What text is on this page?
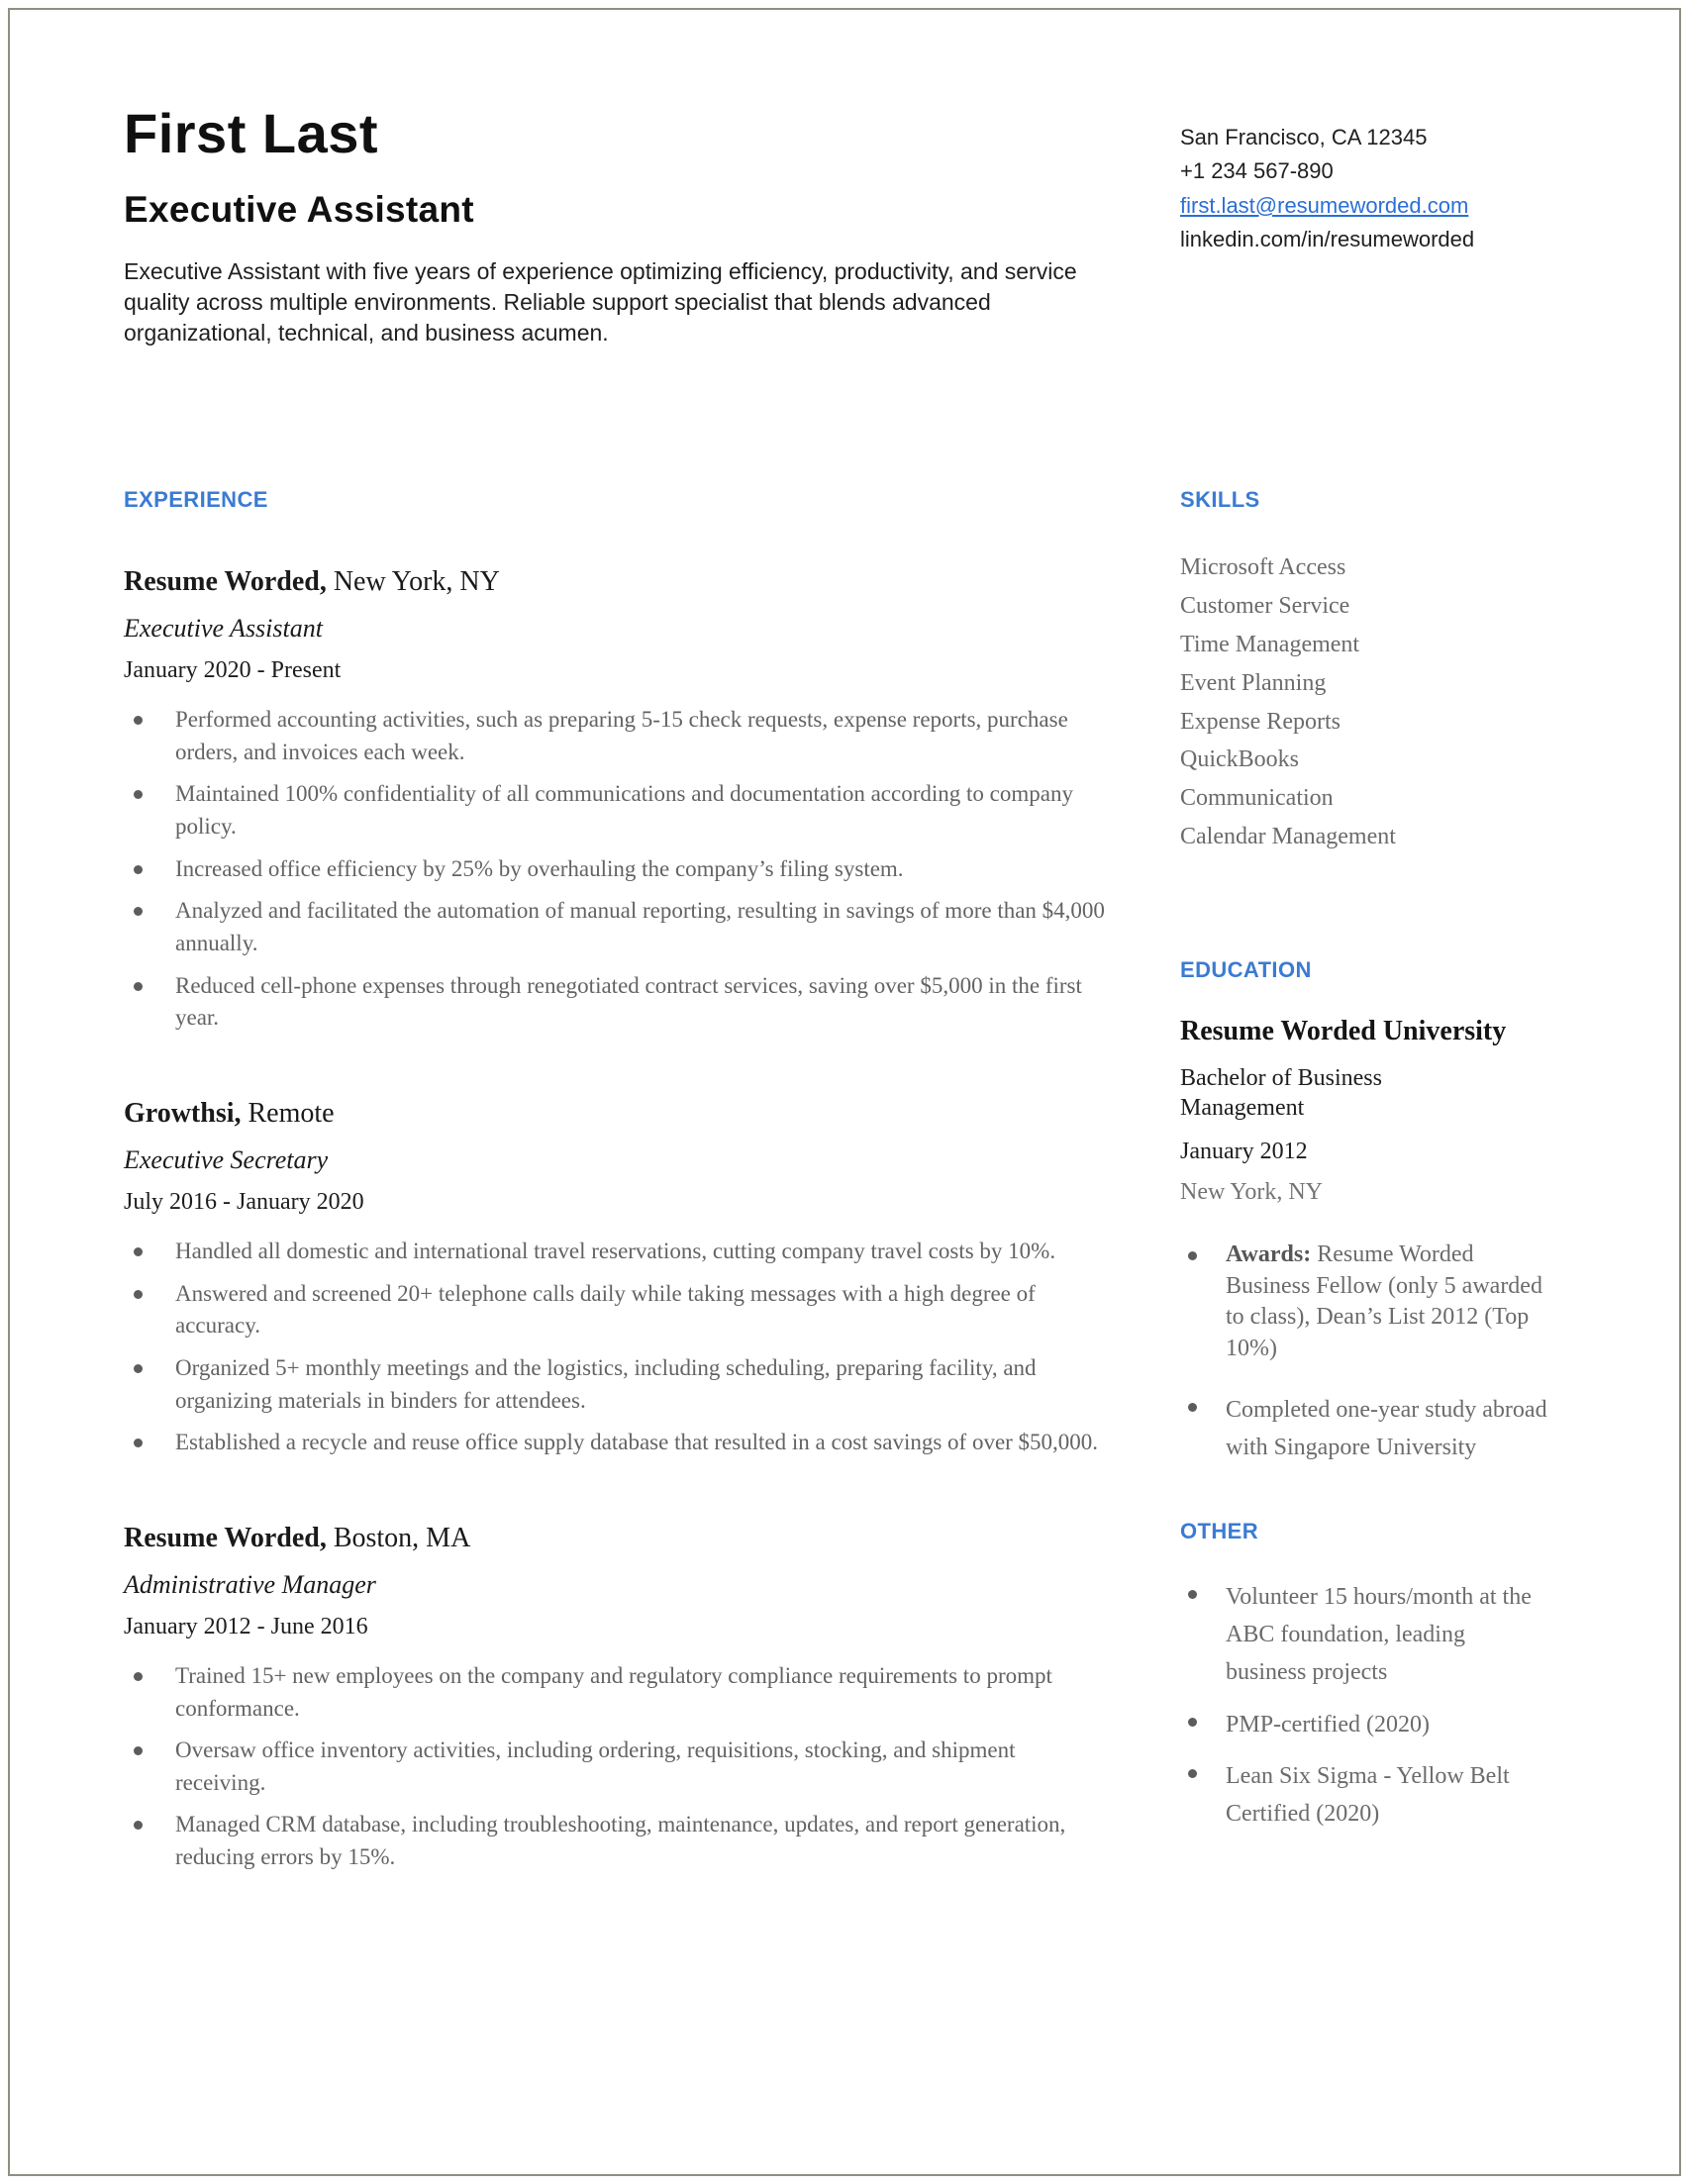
First Last
Executive Assistant

Executive Assistant with five years of experience optimizing efficiency, productivity, and service quality across multiple environments. Reliable support specialist that blends advanced organizational, technical, and business acumen.

San Francisco, CA 12345
+1 234 567-890
first.last@resumeworded.com
linkedin.com/in/resumeworded
EXPERIENCE
Resume Worded, New York, NY
Executive Assistant
January 2020 - Present
Performed accounting activities, such as preparing 5-15 check requests, expense reports, purchase orders, and invoices each week.
Maintained 100% confidentiality of all communications and documentation according to company policy.
Increased office efficiency by 25% by overhauling the company’s filing system.
Analyzed and facilitated the automation of manual reporting, resulting in savings of more than $4,000 annually.
Reduced cell-phone expenses through renegotiated contract services, saving over $5,000 in the first year.
Growthsi, Remote
Executive Secretary
July 2016 - January 2020
Handled all domestic and international travel reservations, cutting company travel costs by 10%.
Answered and screened 20+ telephone calls daily while taking messages with a high degree of accuracy.
Organized 5+ monthly meetings and the logistics, including scheduling, preparing facility, and organizing materials in binders for attendees.
Established a recycle and reuse office supply database that resulted in a cost savings of over $50,000.
Resume Worded, Boston, MA
Administrative Manager
January 2012 - June 2016
Trained 15+ new employees on the company and regulatory compliance requirements to prompt conformance.
Oversaw office inventory activities, including ordering, requisitions, stocking, and shipment receiving.
Managed CRM database, including troubleshooting, maintenance, updates, and report generation, reducing errors by 15%.
SKILLS
Microsoft Access
Customer Service
Time Management
Event Planning
Expense Reports
QuickBooks
Communication
Calendar Management
EDUCATION
Resume Worded University
Bachelor of Business Management
January 2012
New York, NY
Awards: Resume Worded Business Fellow (only 5 awarded to class), Dean’s List 2012 (Top 10%)
Completed one-year study abroad with Singapore University
OTHER
Volunteer 15 hours/month at the ABC foundation, leading business projects
PMP-certified (2020)
Lean Six Sigma - Yellow Belt Certified (2020)
